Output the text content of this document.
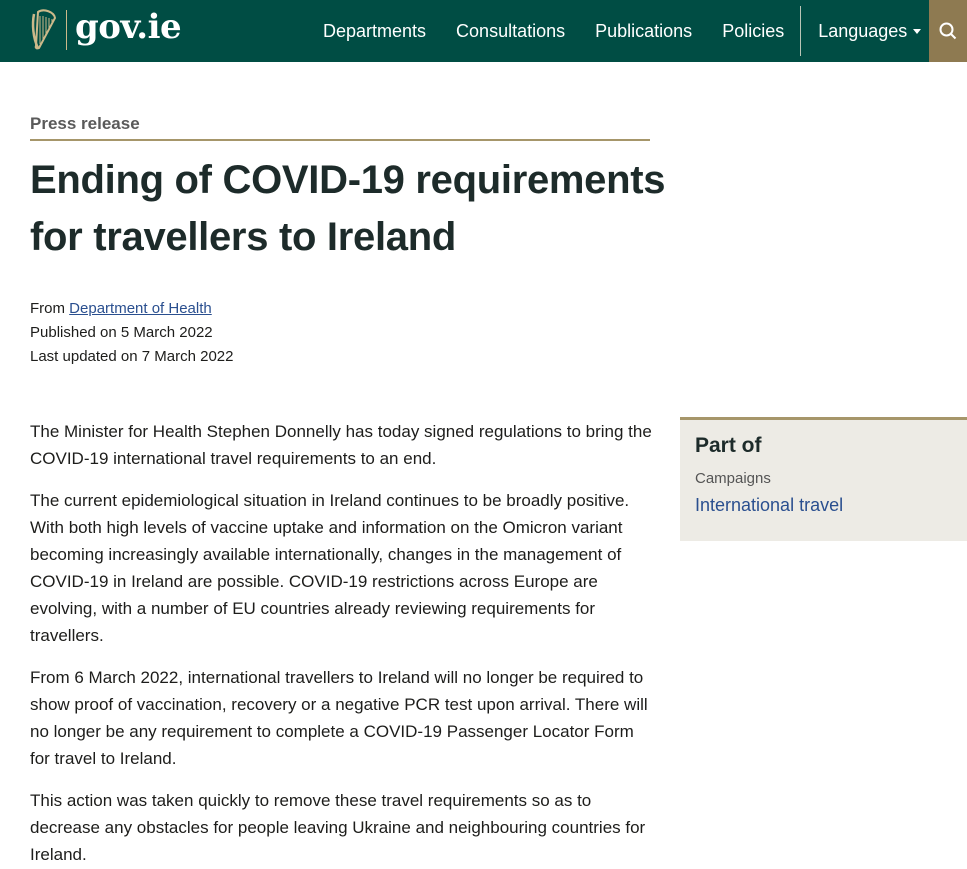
gov.ie	Departments	Consultations	Publications	Policies	Languages
Press release
Ending of COVID-19 requirements
for travellers to Ireland
From Department of Health
Published on 5 March 2022
Last updated on 7 March 2022

The Minister for Health Stephen Donnelly has today signed regulations to bring the COVID-19 international travel requirements to an end.

The current epidemiological situation in Ireland continues to be broadly positive. With both high levels of vaccine uptake and information on the Omicron variant becoming increasingly available internationally, changes in the management of COVID-19 in Ireland are possible. COVID-19 restrictions across Europe are evolving, with a number of EU countries already reviewing requirements for travellers.

From 6 March 2022, international travellers to Ireland will no longer be required to show proof of vaccination, recovery or a negative PCR test upon arrival. There will no longer be any requirement to complete a COVID-19 Passenger Locator Form for travel to Ireland.

This action was taken quickly to remove these travel requirements so as to decrease any obstacles for people leaving Ukraine and neighbouring countries for Ireland.

Part of
Campaigns
International travel
